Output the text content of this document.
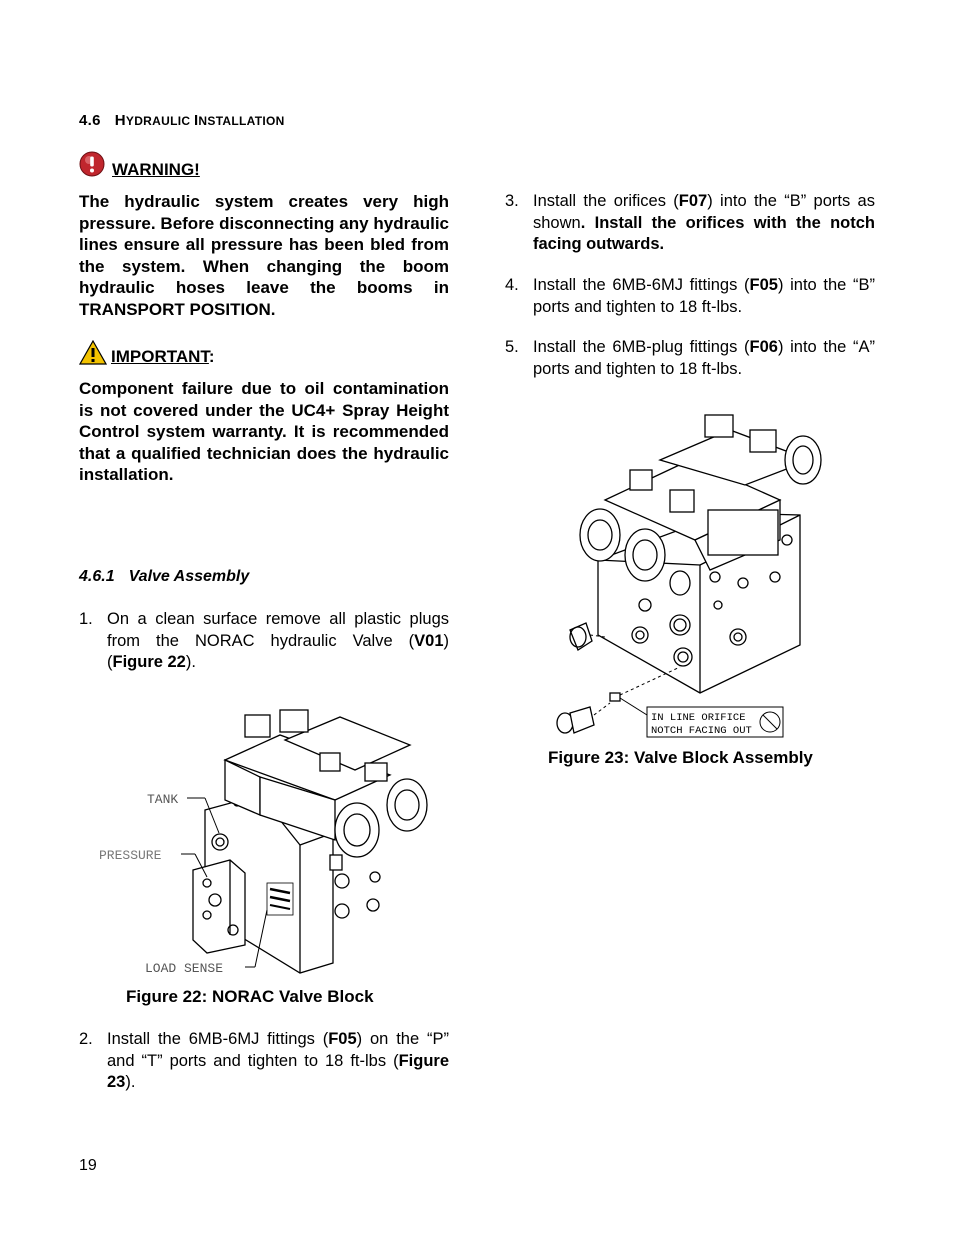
4.6 HYDRAULIC INSTALLATION
WARNING!
The hydraulic system creates very high pressure. Before disconnecting any hydraulic lines ensure all pressure has been bled from the system. When changing the boom hydraulic hoses leave the booms in TRANSPORT POSITION.
IMPORTANT:
Component failure due to oil contamination is not covered under the UC4+ Spray Height Control system warranty. It is recommended that a qualified technician does the hydraulic installation.
4.6.1 Valve Assembly
1. On a clean surface remove all plastic plugs from the NORAC hydraulic Valve (V01) (Figure 22).
TANK
PRESSURE
LOAD SENSE
Figure 22: NORAC Valve Block
2. Install the 6MB-6MJ fittings (F05) on the “P” and “T” ports and tighten to 18 ft-lbs (Figure 23).
3. Install the orifices (F07) into the “B” ports as shown. Install the orifices with the notch facing outwards.
4. Install the 6MB-6MJ fittings (F05) into the “B” ports and tighten to 18 ft-lbs.
5. Install the 6MB-plug fittings (F06) into the “A” ports and tighten to 18 ft-lbs.
IN LINE ORIFICE
NOTCH FACING OUT
Figure 23: Valve Block Assembly
19
